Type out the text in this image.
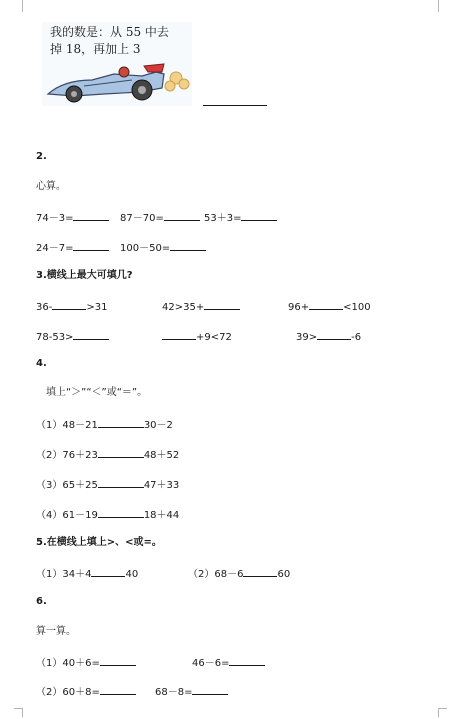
我的数是：从 55 中去
掉 18，再加上 3
2.
心算。
74－3=	87－70=	53＋3=
24－7=	100－50=
3.横线上最大可填几?
36-	>31	42>35+	96+	<100
78-53>	+9<72	39>	-6
4.
填上“＞”“＜”或“＝”。
（1）48－21	30－2
（2）76＋23	48＋52
（3）65＋25	47＋33
（4）61－19	18＋44
5.在横线上填上>、<或=。
（1）34＋4	40	（2）68－6	60
6.
算一算。
（1）40＋6=	46－6=
（2）60＋8=	68－8=
